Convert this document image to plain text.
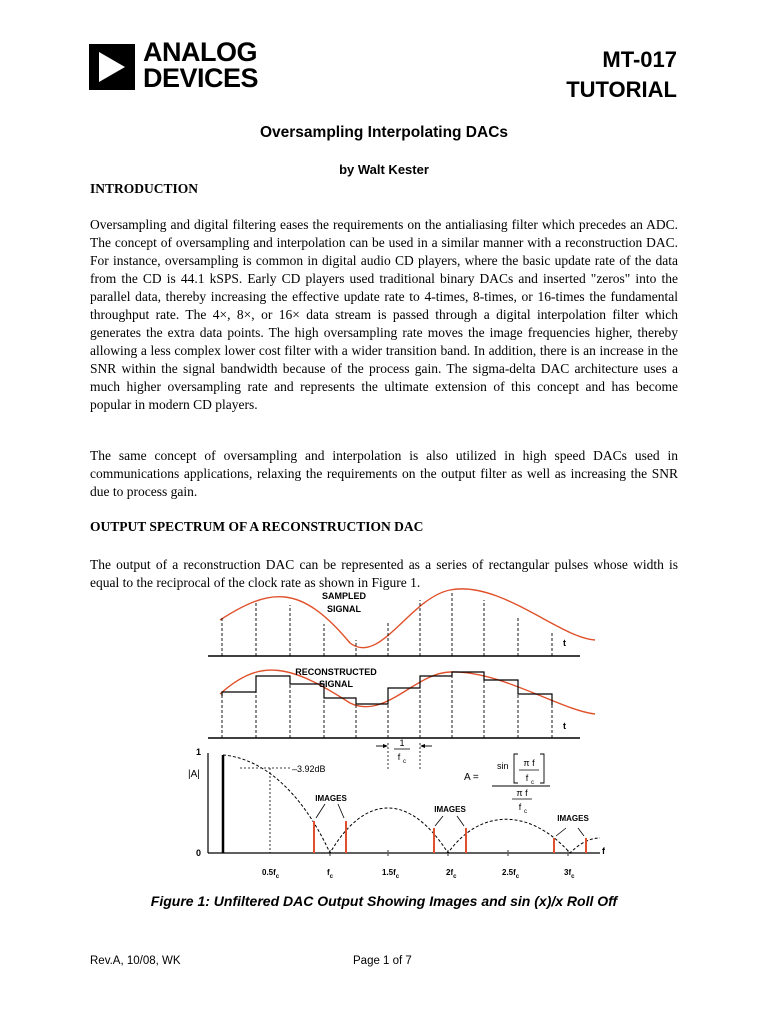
ANALOG
DEVICES
MT-017
TUTORIAL
Oversampling Interpolating DACs
by Walt Kester
INTRODUCTION
Oversampling and digital filtering eases the requirements on the antialiasing filter which precedes an ADC. The concept of oversampling and interpolation can be used in a similar manner with a reconstruction DAC. For instance, oversampling is common in digital audio CD players, where the basic update rate of the data from the CD is 44.1 kSPS. Early CD players used traditional binary DACs and inserted "zeros" into the parallel data, thereby increasing the effective update rate to 4-times, 8-times, or 16-times the fundamental throughput rate. The 4×, 8×, or 16× data stream is passed through a digital interpolation filter which generates the extra data points. The high oversampling rate moves the image frequencies higher, thereby allowing a less complex lower cost filter with a wider transition band. In addition, there is an increase in the SNR within the signal bandwidth because of the process gain. The sigma-delta DAC architecture uses a much higher oversampling rate and represents the ultimate extension of this concept and has become popular in modern CD players.
The same concept of oversampling and interpolation is also utilized in high speed DACs used in communications applications, relaxing the requirements on the output filter as well as increasing the SNR due to process gain.
OUTPUT SPECTRUM OF A RECONSTRUCTION DAC
The output of a reconstruction DAC can be represented as a series of rectangular pulses whose width is equal to the reciprocal of the clock rate as shown in Figure 1.
SAMPLED
SIGNAL
t
RECONSTRUCTED
SIGNAL
t
1
f c
A =
sin π f
f c
π f
f c
1
0
|A|
f
–3.92dB
IMAGES
IMAGES
IMAGES
$0.5f_c$	$f_c$	$1.5f_c$	$2f_c$	$2.5f_c$	$3f_c$
Figure 1: Unfiltered DAC Output Showing Images and sin (x)/x Roll Off
Rev.A, 10/08, WK	Page 1 of 7
